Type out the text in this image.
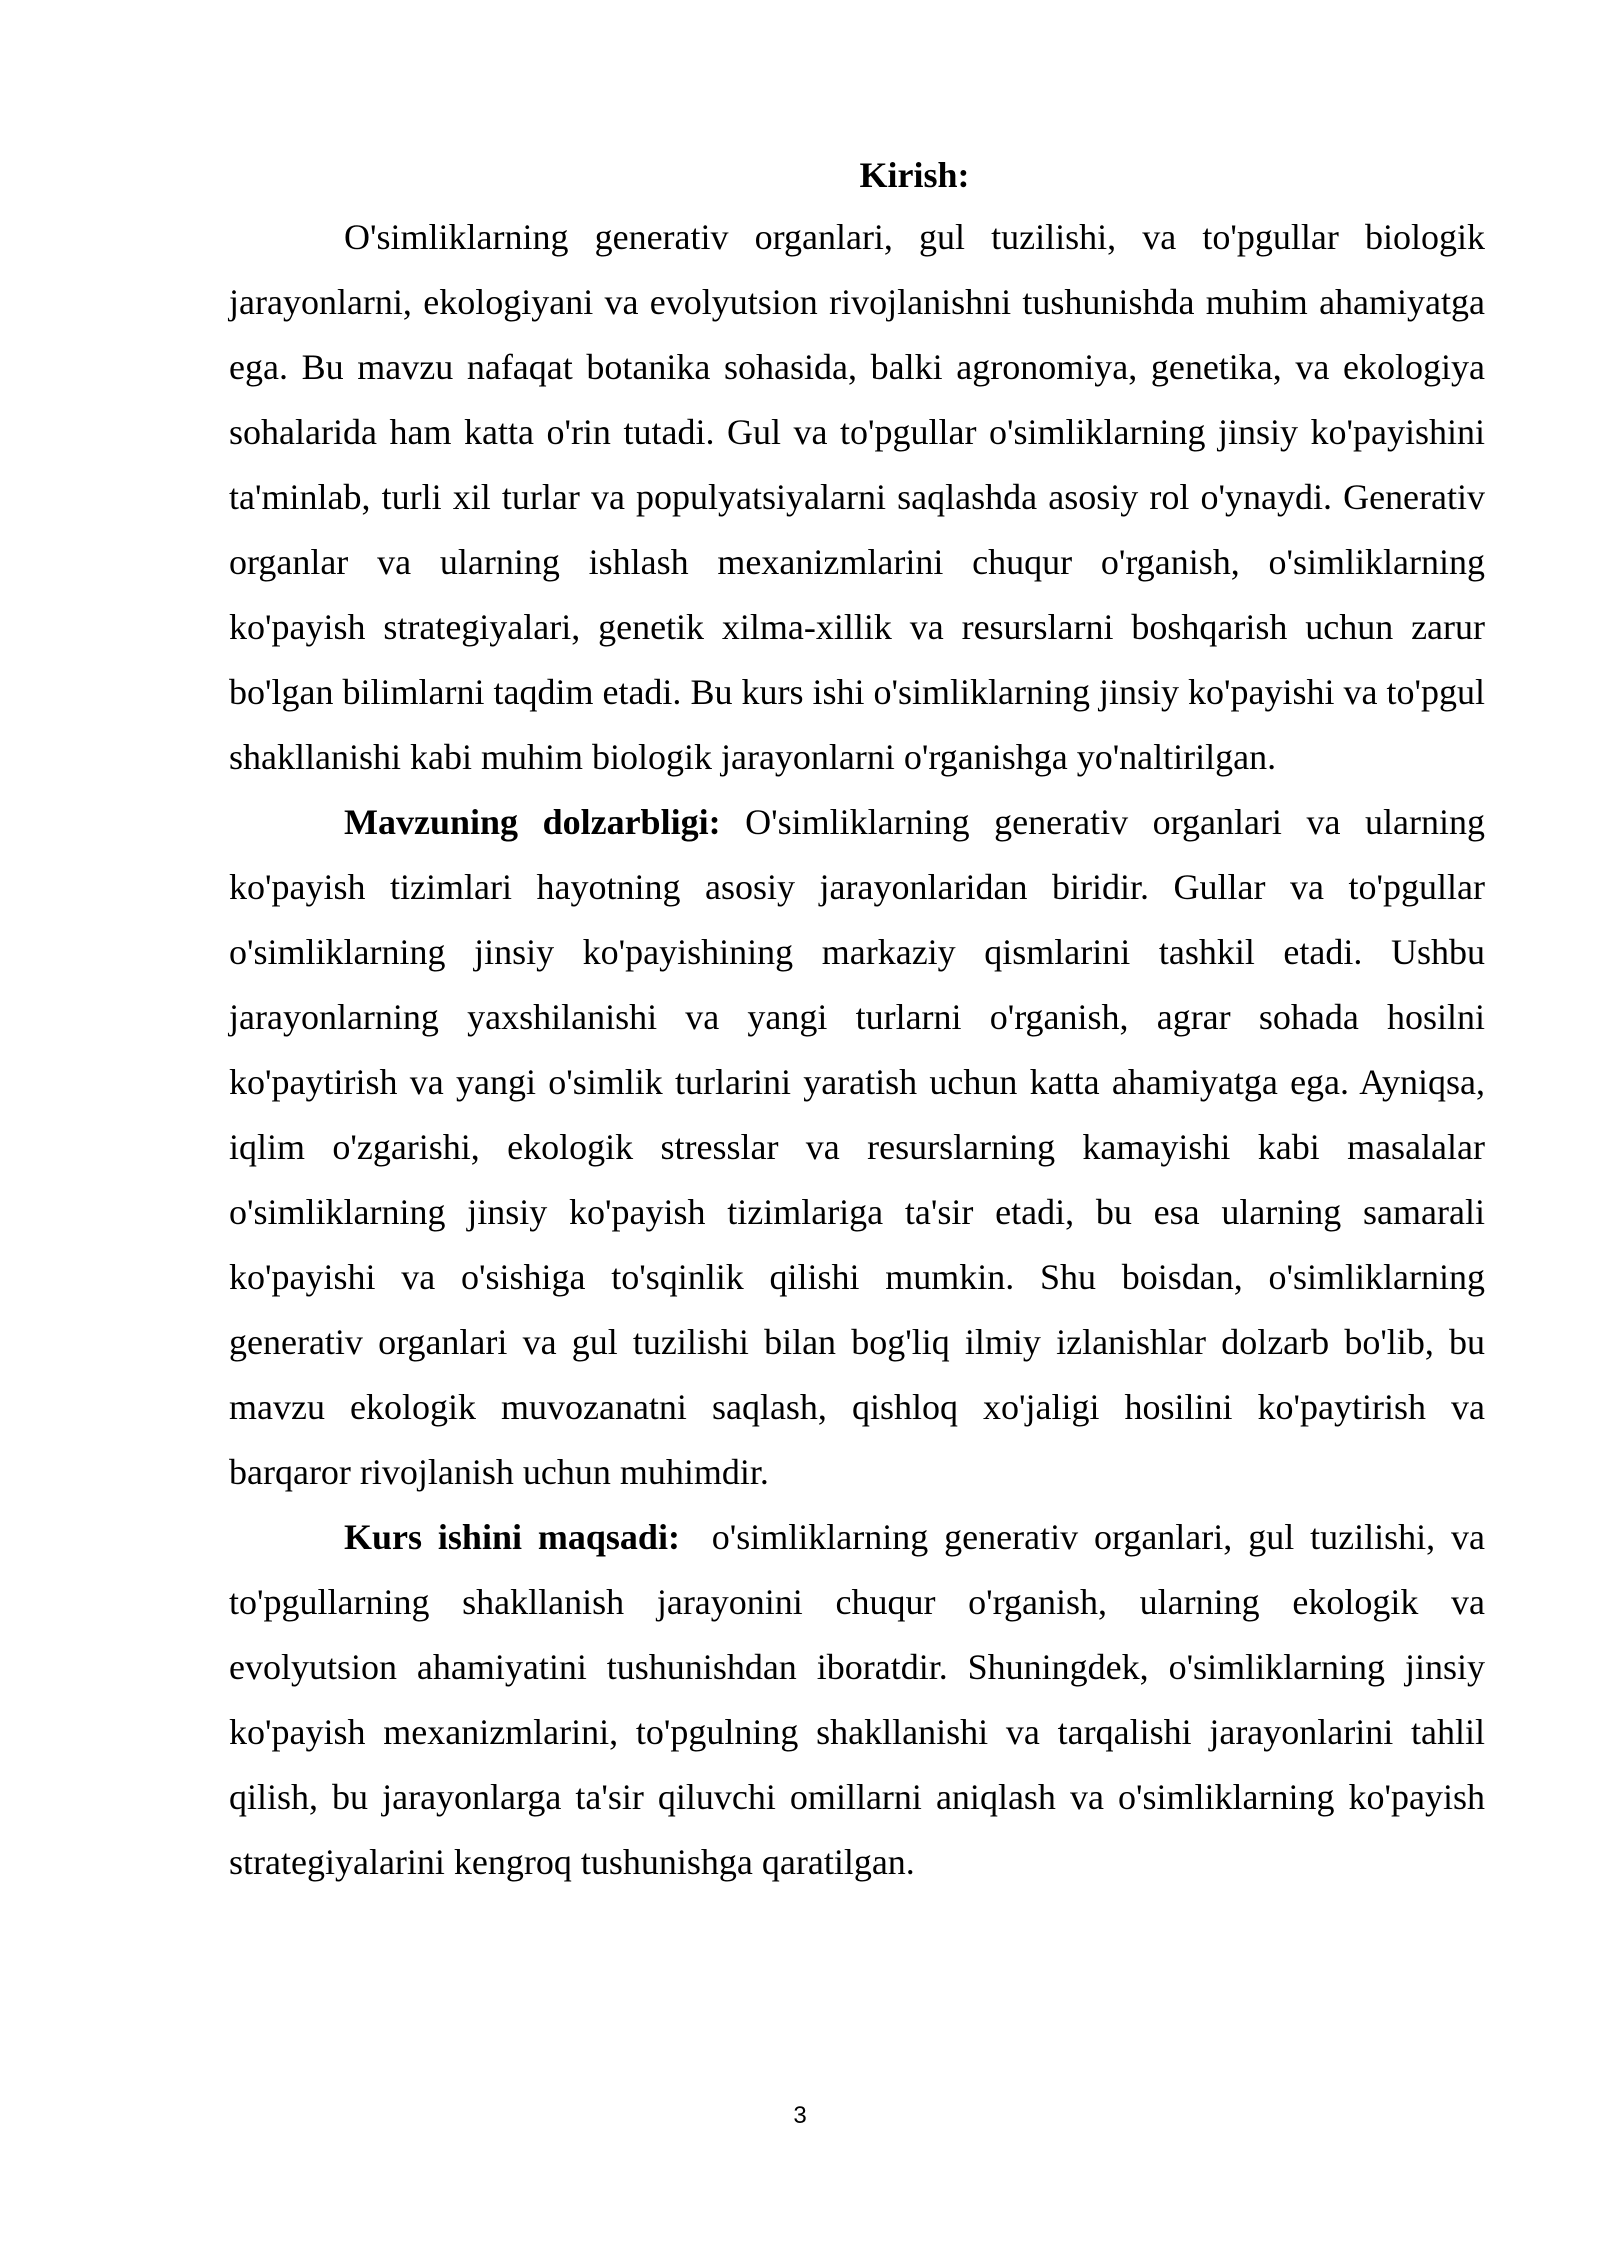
Kirish:

O'simliklarning generativ organlari, gul tuzilishi, va to'pgullar biologik jarayonlarni, ekologiyani va evolyutsion rivojlanishni tushunishda muhim ahamiyatga ega. Bu mavzu nafaqat botanika sohasida, balki agronomiya, genetika, va ekologiya sohalarida ham katta o'rin tutadi. Gul va to'pgullar o'simliklarning jinsiy ko'payishini ta'minlab, turli xil turlar va populyatsiyalarni saqlashda asosiy rol o'ynaydi. Generativ organlar va ularning ishlash mexanizmlarini chuqur o'rganish, o'simliklarning ko'payish strategiyalari, genetik xilma-xillik va resurslarni boshqarish uchun zarur bo'lgan bilimlarni taqdim etadi. Bu kurs ishi o'simliklarning jinsiy ko'payishi va to'pgul shakllanishi kabi muhim biologik jarayonlarni o'rganishga yo'naltirilgan.

Mavzuning dolzarbligi: O'simliklarning generativ organlari va ularning ko'payish tizimlari hayotning asosiy jarayonlaridan biridir. Gullar va to'pgullar o'simliklarning jinsiy ko'payishining markaziy qismlarini tashkil etadi. Ushbu jarayonlarning yaxshilanishi va yangi turlarni o'rganish, agrar sohada hosilni ko'paytirish va yangi o'simlik turlarini yaratish uchun katta ahamiyatga ega. Ayniqsa, iqlim o'zgarishi, ekologik stresslar va resurslarning kamayishi kabi masalalar o'simliklarning jinsiy ko'payish tizimlariga ta'sir etadi, bu esa ularning samarali ko'payishi va o'sishiga to'sqinlik qilishi mumkin. Shu boisdan, o'simliklarning generativ organlari va gul tuzilishi bilan bog'liq ilmiy izlanishlar dolzarb bo'lib, bu mavzu ekologik muvozanatni saqlash, qishloq xo'jaligi hosilini ko'paytirish va barqaror rivojlanish uchun muhimdir.

Kurs ishini maqsadi:  o'simliklarning generativ organlari, gul tuzilishi, va to'pgullarning shakllanish jarayonini chuqur o'rganish, ularning ekologik va evolyutsion ahamiyatini tushunishdan iboratdir. Shuningdek, o'simliklarning jinsiy ko'payish mexanizmlarini, to'pgulning shakllanishi va tarqalishi jarayonlarini tahlil qilish, bu jarayonlarga ta'sir qiluvchi omillarni aniqlash va o'simliklarning ko'payish strategiyalarini kengroq tushunishga qaratilgan.

3
